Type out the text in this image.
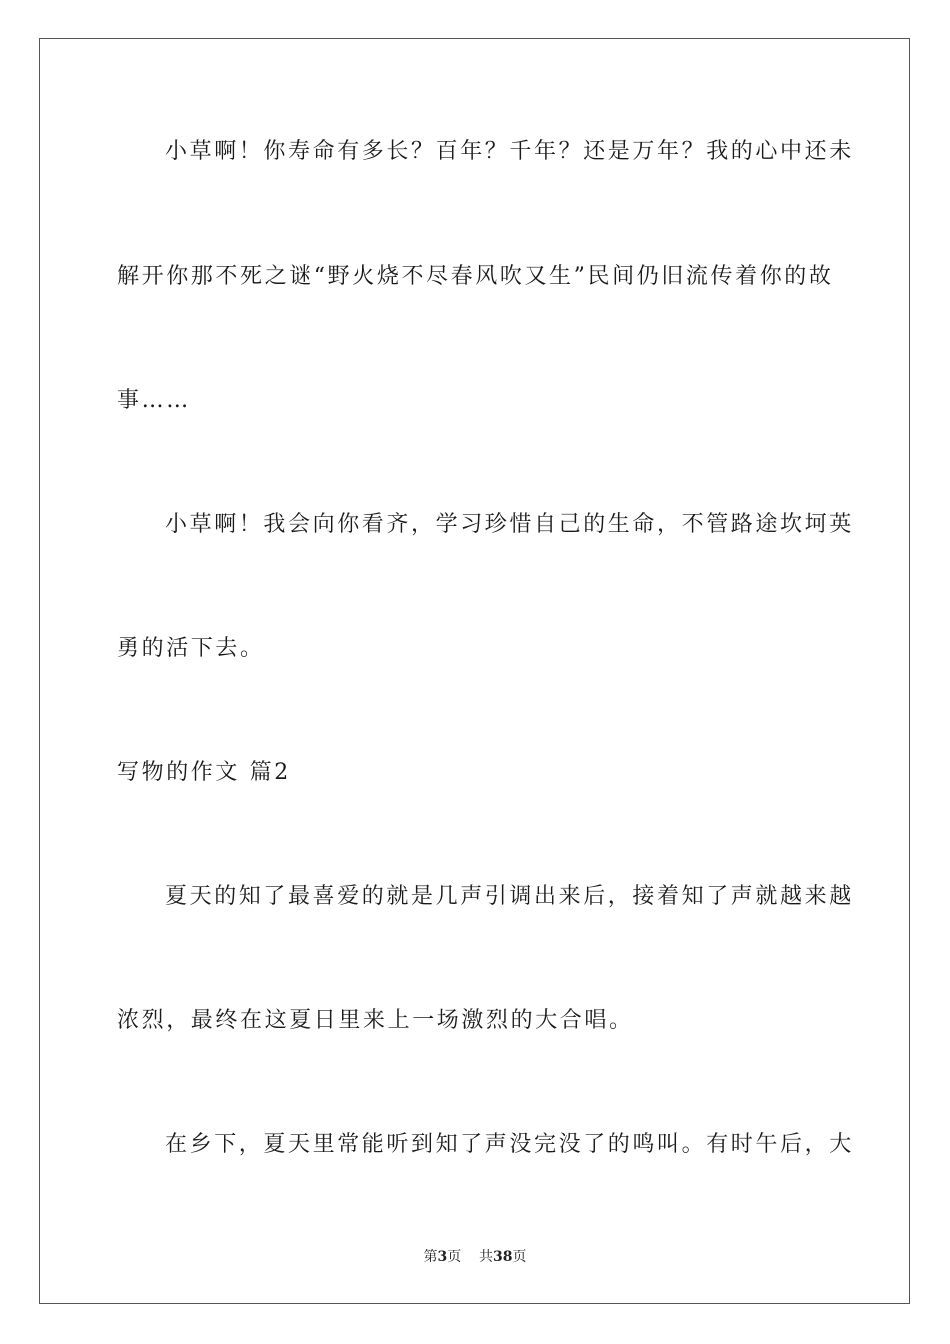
小草啊！你寿命有多长？百年？千年？还是万年？我的心中还未
解开你那不死之谜“野火烧不尽春风吹又生”民间仍旧流传着你的故
事……
小草啊！我会向你看齐，学习珍惜自己的生命，不管路途坎坷英
勇的活下去。
写物的作文 篇2
夏天的知了最喜爱的就是几声引调出来后，接着知了声就越来越
浓烈，最终在这夏日里来上一场激烈的大合唱。
在乡下，夏天里常能听到知了声没完没了的鸣叫。有时午后，大
第3页 共38页
